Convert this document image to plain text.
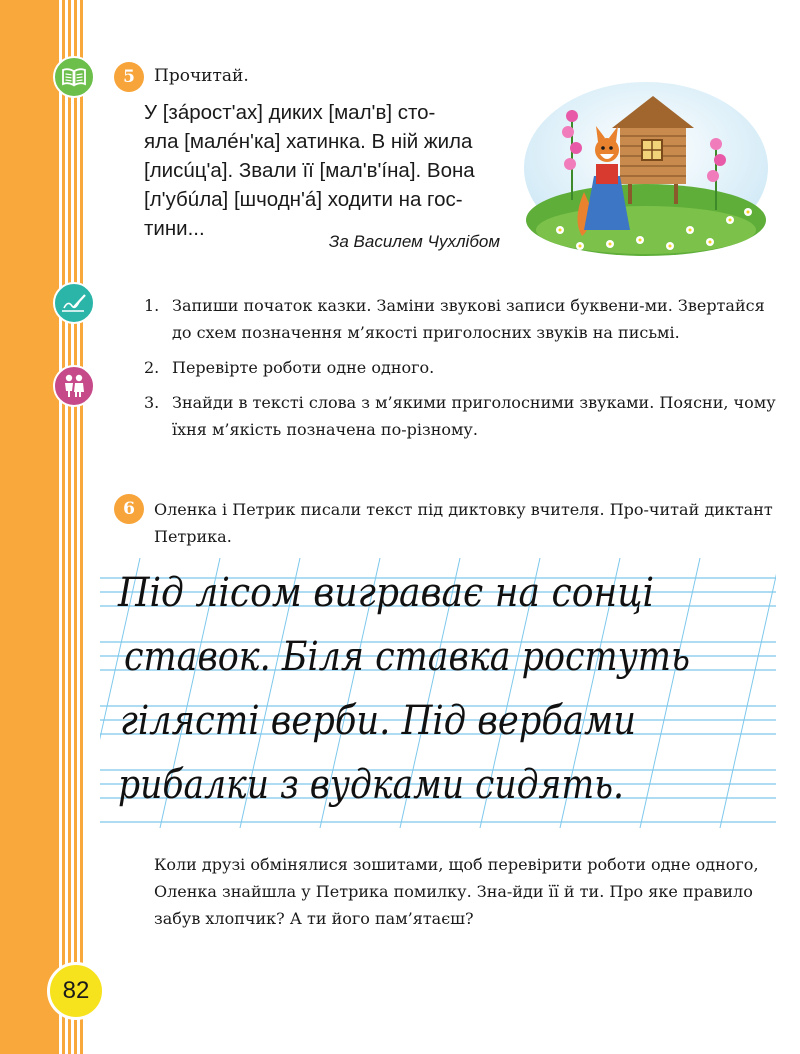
5	Прочитай.

У [зáрост'ах] диких [мал'в] сто-

яла [малéн'ка] хатинка. В ній жила

[лисúц'а]. Звали її [мал'в'íна]. Вона

[л'убúла] [шчодн'á] ходити на гос-

тини...

За Василем Чухлібом
1. Запиши початок казки. Заміни звукові записи буквени-ми. Звертайся до схем позначення м’якості приголосних звуків на письмі.
2. Перевірте роботи одне одного.
3. Знайди в тексті слова з м’якими приголосними звуками. Поясни, чому їхня м’якість позначена по-різному.
6	Оленка і Петрик писали текст під диктовку вчителя. Про-читай диктант Петрика.
Під лісом виграває на сонці
ставок. Біля ставка ростуть
гілясті верби. Під вербами
рибалки з вудками сидять.
Коли друзі обмінялися зошитами, щоб перевірити роботи одне одного, Оленка знайшла у Петрика помилку. Зна-йди її й ти. Про яке правило забув хлопчик? А ти його пам’ятаєш?
82
